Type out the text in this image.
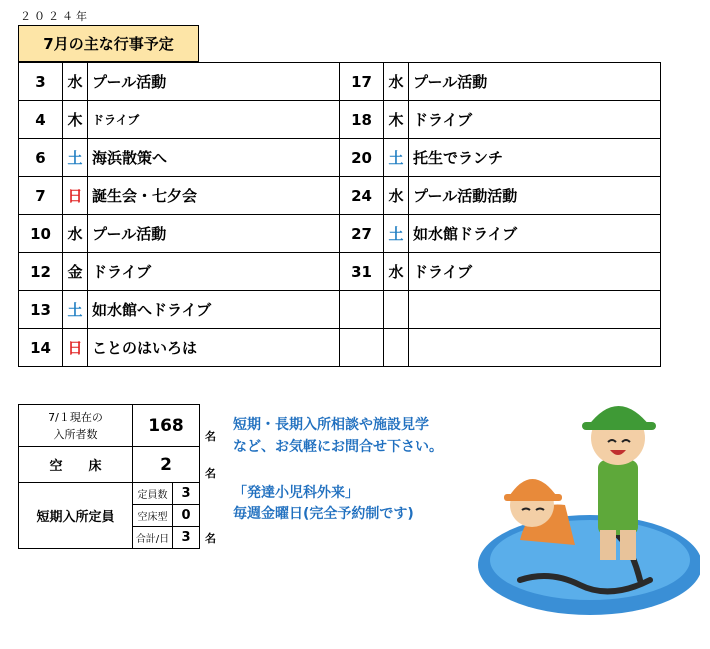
２０２４年
7月の主な行事予定
3	水	プール活動	17	水	プール活動
4	木	ドライブ	18	木	ドライブ
6	土	海浜散策へ	20	土	托生でランチ
7	日	誕生会・七夕会	24	水	プール活動活動
10	水	プール活動	27	土	如水館ドライブ
12	金	ドライブ	31	水	ドライブ
13	土	如水館へドライブ			
14	日	ことのはいろは			
7/１現在の
入所者数	168	
空　　床	2	
短期入所定員	定員数	3
	空床型	0
	合計/日	3
名
名
名
短期・長期入所相談や施設見学
など、お気軽にお問合せ下さい。
「発達小児科外来」
毎週金曜日(完全予約制です)
